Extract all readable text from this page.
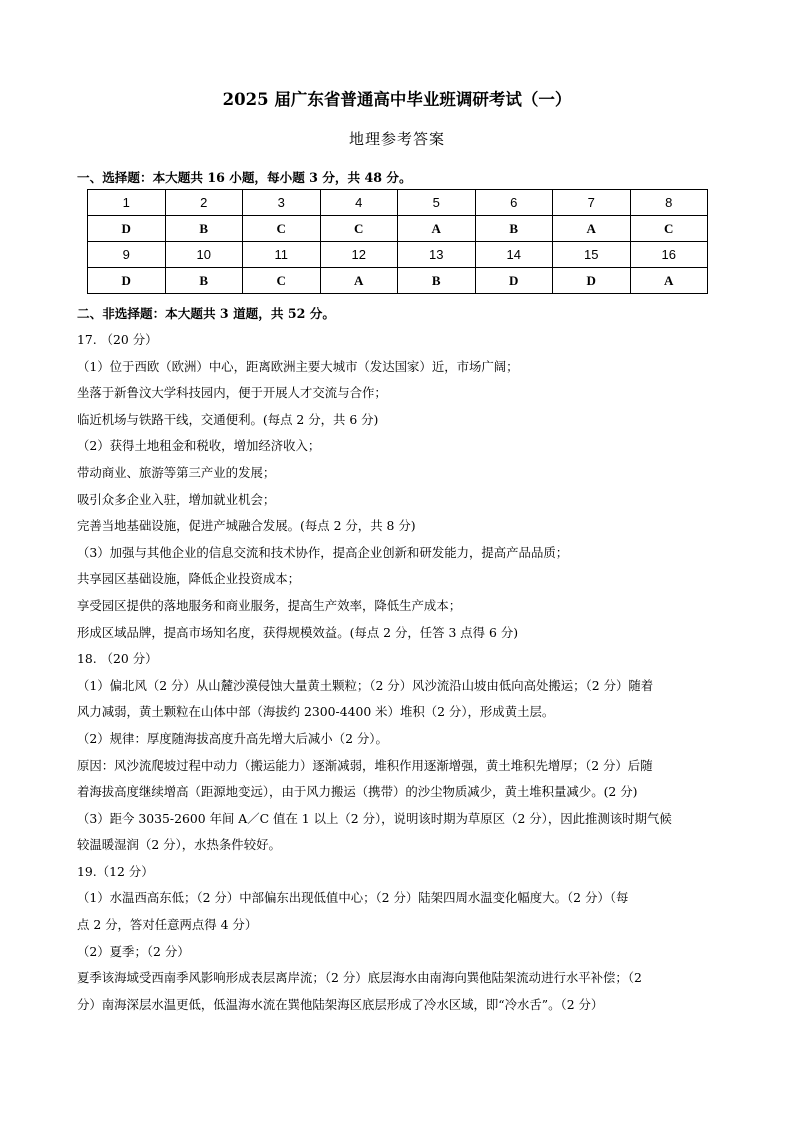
2025 届广东省普通高中毕业班调研考试（一）
地理参考答案
一、选择题：本大题共 16 小题，每小题 3 分，共 48 分。
1	2	3	4	5	6	7	8
D	B	C	C	A	B	A	C
9	10	11	12	13	14	15	16
D	B	C	A	B	D	D	A
二、非选择题：本大题共 3 道题，共 52 分。
17. （20 分）
（1）位于西欧（欧洲）中心，距离欧洲主要大城市（发达国家）近，市场广阔；
坐落于新鲁汶大学科技园内，便于开展人才交流与合作；
临近机场与铁路干线，交通便利。(每点 2 分，共 6 分)
（2）获得土地租金和税收，增加经济收入；
带动商业、旅游等第三产业的发展；
吸引众多企业入驻，增加就业机会；
完善当地基础设施，促进产城融合发展。(每点 2 分，共 8 分)
（3）加强与其他企业的信息交流和技术协作，提高企业创新和研发能力，提高产品品质；
共享园区基础设施，降低企业投资成本；
享受园区提供的落地服务和商业服务，提高生产效率，降低生产成本；
形成区域品牌，提高市场知名度，获得规模效益。(每点 2 分，任答 3 点得 6 分)
18. （20 分）
（1）偏北风（2 分）从山麓沙漠侵蚀大量黄土颗粒；（2 分）风沙流沿山坡由低向高处搬运；（2 分）随着
风力减弱，黄土颗粒在山体中部（海拔约 2300-4400 米）堆积（2 分），形成黄土层。
（2）规律：厚度随海拔高度升高先增大后减小（2 分）。
原因：风沙流爬坡过程中动力（搬运能力）逐渐减弱，堆积作用逐渐增强，黄土堆积先增厚；（2 分）后随
着海拔高度继续增高（距源地变远），由于风力搬运（携带）的沙尘物质减少，黄土堆积量减少。(2 分)
（3）距今 3035-2600 年间 A／C 值在 1 以上（2 分），说明该时期为草原区（2 分），因此推测该时期气候
较温暖湿润（2 分），水热条件较好。
19.（12 分）
（1）水温西高东低；（2 分）中部偏东出现低值中心；（2 分）陆架四周水温变化幅度大。（2 分）（每
点 2 分，答对任意两点得 4 分）
（2）夏季；（2 分）
夏季该海域受西南季风影响形成表层离岸流；（2 分）底层海水由南海向巽他陆架流动进行水平补偿；（2
分）南海深层水温更低，低温海水流在巽他陆架海区底层形成了冷水区域，即“冷水舌”。（2 分）
